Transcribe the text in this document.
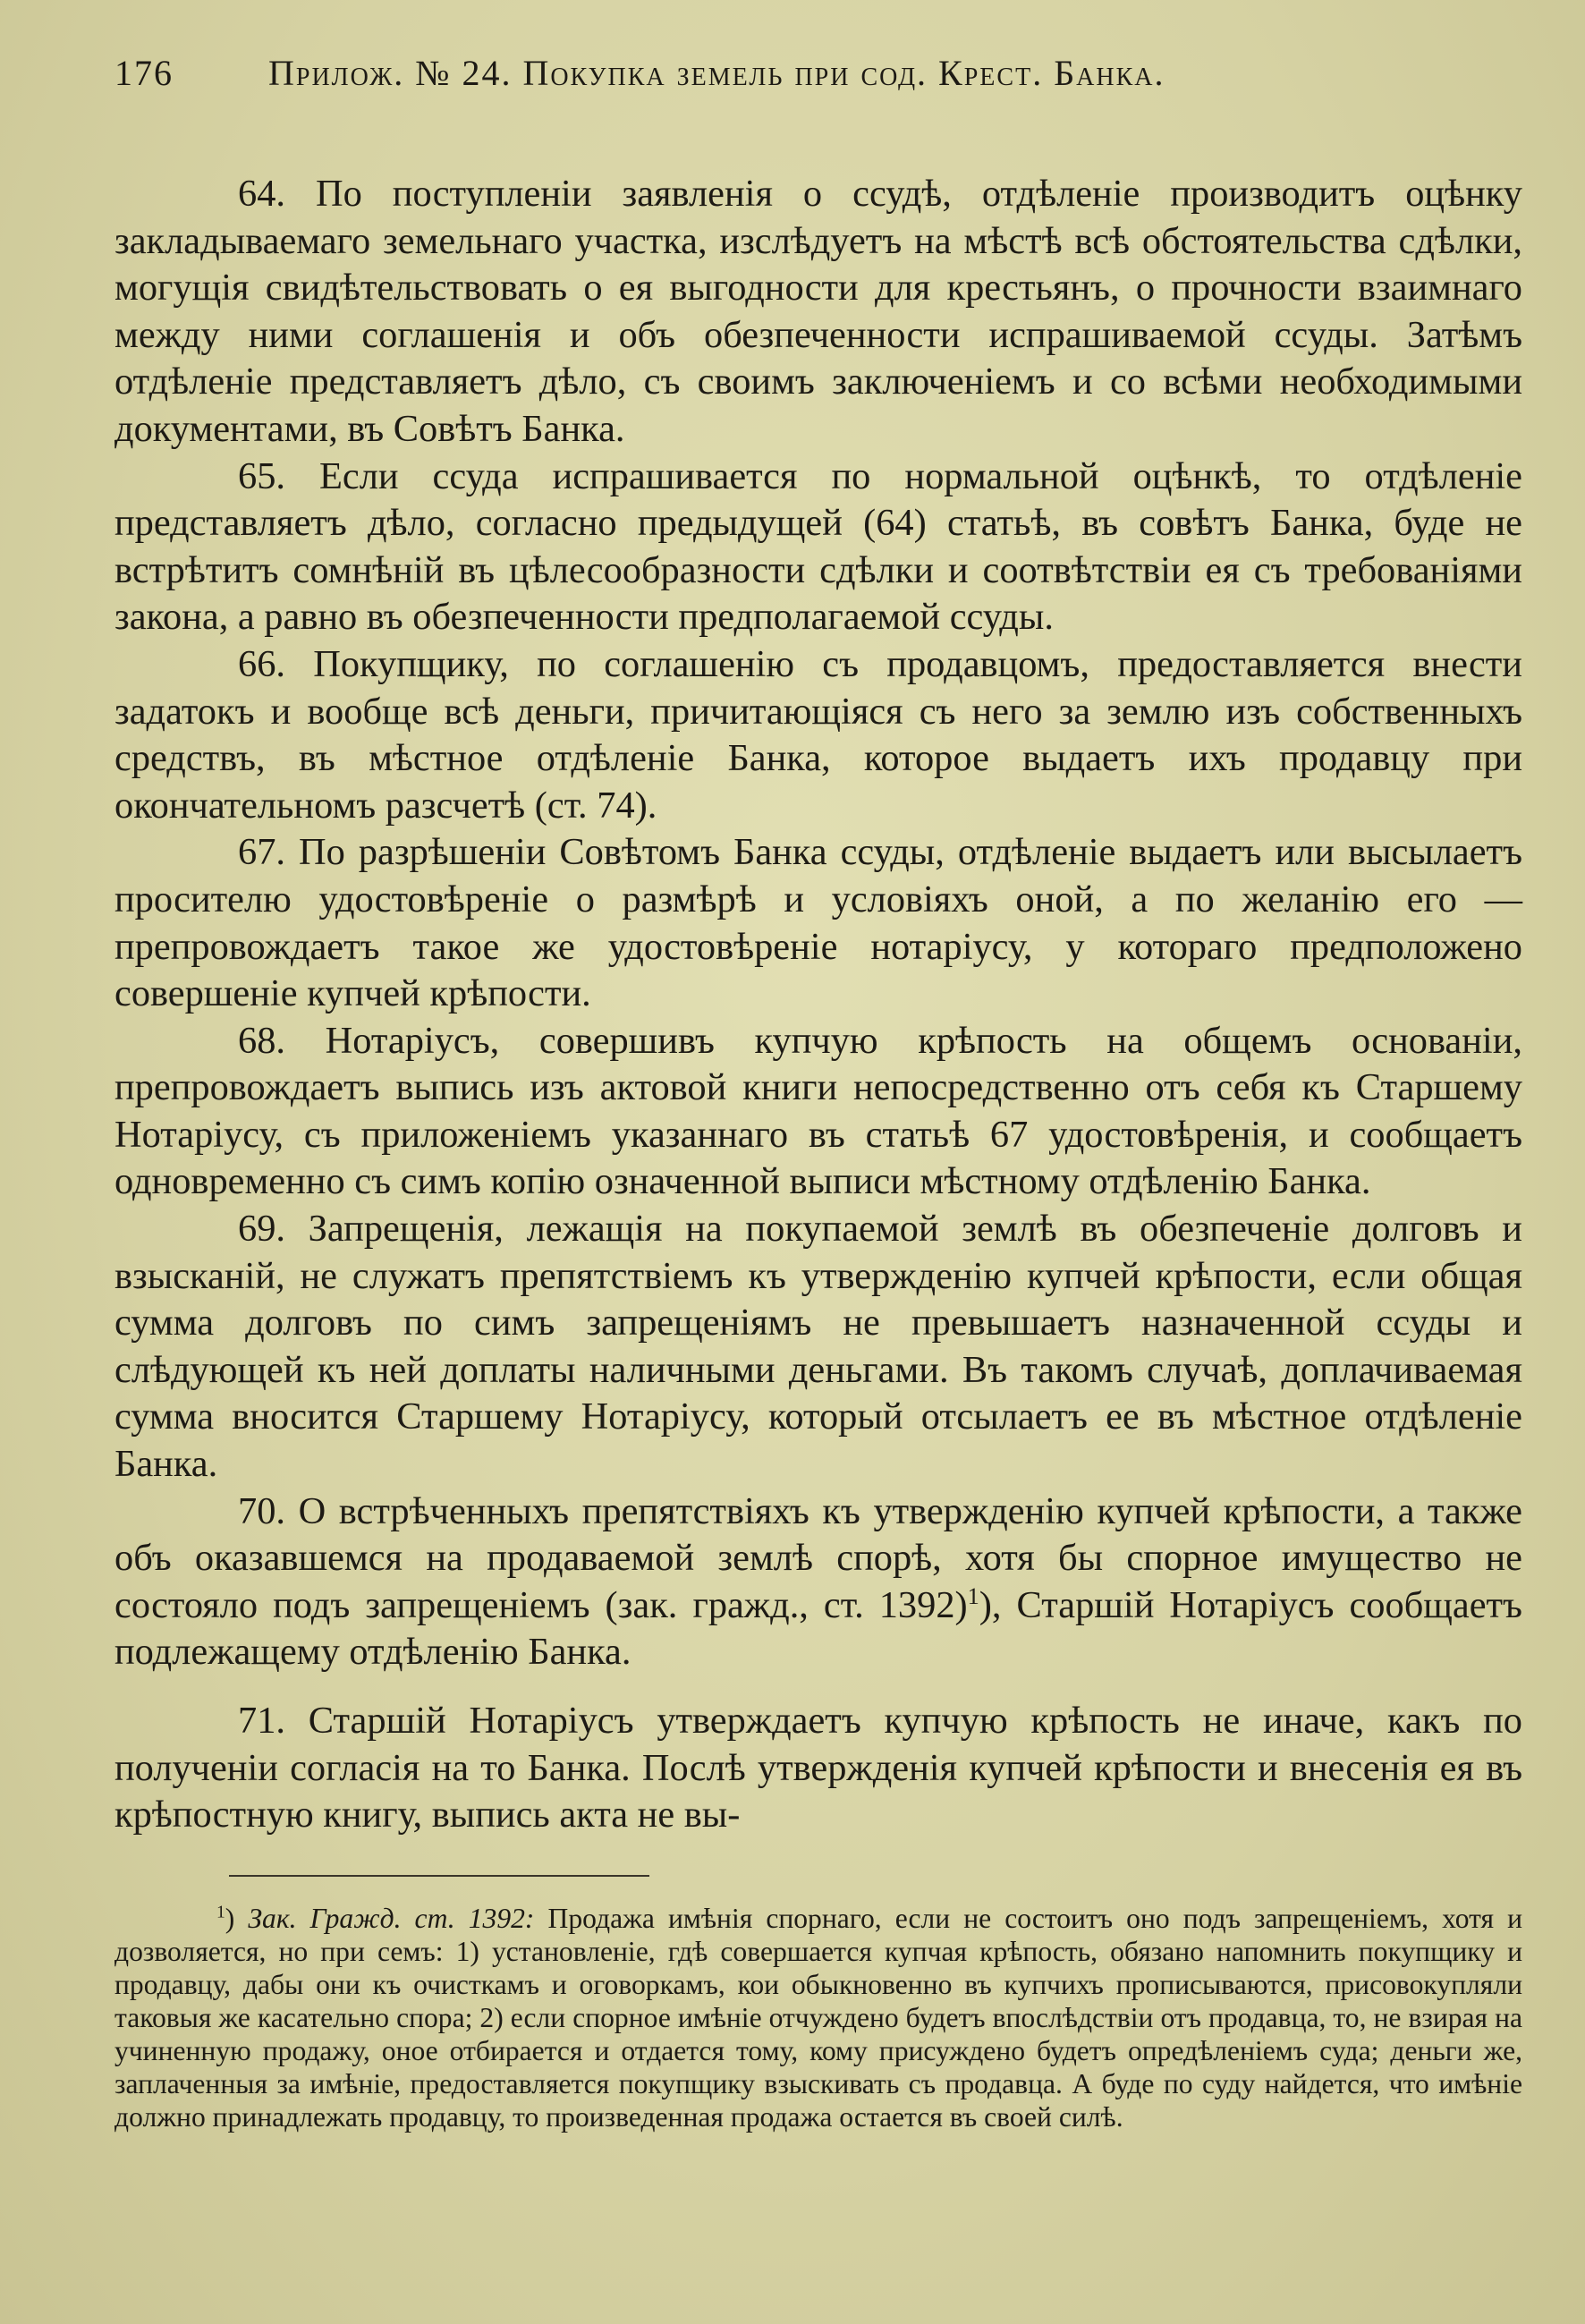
176	Прилож. № 24. Покупка земель при сод. Крест. Банка.

64. По поступленіи заявленія о ссудѣ, отдѣленіе производитъ оцѣнку закладываемаго земельнаго участка, изслѣдуетъ на мѣстѣ всѣ обстоятельства сдѣлки, могущія свидѣтельствовать о ея выгодности для крестьянъ, о прочности взаимнаго между ними соглашенія и объ обезпеченности испрашиваемой ссуды. Затѣмъ отдѣленіе представляетъ дѣло, съ своимъ заключеніемъ и со всѣми необходимыми документами, въ Совѣтъ Банка.

65. Если ссуда испрашивается по нормальной оцѣнкѣ, то отдѣленіе представляетъ дѣло, согласно предыдущей (64) статьѣ, въ совѣтъ Банка, буде не встрѣтитъ сомнѣній въ цѣлесообразности сдѣлки и соотвѣтствіи ея съ требованіями закона, а равно въ обезпеченности предполагаемой ссуды.

66. Покупщику, по соглашенію съ продавцомъ, предоставляется внести задатокъ и вообще всѣ деньги, причитающіяся съ него за землю изъ собственныхъ средствъ, въ мѣстное отдѣленіе Банка, которое выдаетъ ихъ продавцу при окончательномъ разсчетѣ (ст. 74).

67. По разрѣшеніи Совѣтомъ Банка ссуды, отдѣленіе выдаетъ или высылаетъ просителю удостовѣреніе о размѣрѣ и условіяхъ оной, а по желанію его — препровождаетъ такое же удостовѣреніе нотаріусу, у котораго предположено совершеніе купчей крѣпости.

68. Нотаріусъ, совершивъ купчую крѣпость на общемъ основаніи, препровождаетъ выпись изъ актовой книги непосредственно отъ себя къ Старшему Нотаріусу, съ приложеніемъ указаннаго въ статьѣ 67 удостовѣренія, и сообщаетъ одновременно съ симъ копію означенной выписи мѣстному отдѣленію Банка.

69. Запрещенія, лежащія на покупаемой землѣ въ обезпеченіе долговъ и взысканій, не служатъ препятствіемъ къ утвержденію купчей крѣпости, если общая сумма долговъ по симъ запрещеніямъ не превышаетъ назначенной ссуды и слѣдующей къ ней доплаты наличными деньгами. Въ такомъ случаѣ, доплачиваемая сумма вносится Старшему Нотаріусу, который отсылаетъ ее въ мѣстное отдѣленіе Банка.

70. О встрѣченныхъ препятствіяхъ къ утвержденію купчей крѣпости, а также объ оказавшемся на продаваемой землѣ спорѣ, хотя бы спорное имущество не состояло подъ запрещеніемъ (зак. гражд., ст. 1392)$^1$), Старшій Нотаріусъ сообщаетъ подлежащему отдѣленію Банка.

71. Старшій Нотаріусъ утверждаетъ купчую крѣпость не иначе, какъ по полученіи согласія на то Банка. Послѣ утвержденія купчей крѣпости и внесенія ея въ крѣпостную книгу, выпись акта не вы-

$^1$) Зак. Гражд. ст. 1392: Продажа имѣнія спорнаго, если не состоитъ оно подъ запрещеніемъ, хотя и дозволяется, но при семъ: 1) установленіе, гдѣ совершается купчая крѣпость, обязано напомнить покупщику и продавцу, дабы они къ очисткамъ и оговоркамъ, кои обыкновенно въ купчихъ прописываются, присовокупляли таковыя же касательно спора; 2) если спорное имѣніе отчуждено будетъ впослѣдствіи отъ продавца, то, не взирая на учиненную продажу, оное отбирается и отдается тому, кому присуждено будетъ опредѣленіемъ суда; деньги же, заплаченныя за имѣніе, предоставляется покупщику взыскивать съ продавца. А буде по суду найдется, что имѣніе должно принадлежать продавцу, то произведенная продажа остается въ своей силѣ.
